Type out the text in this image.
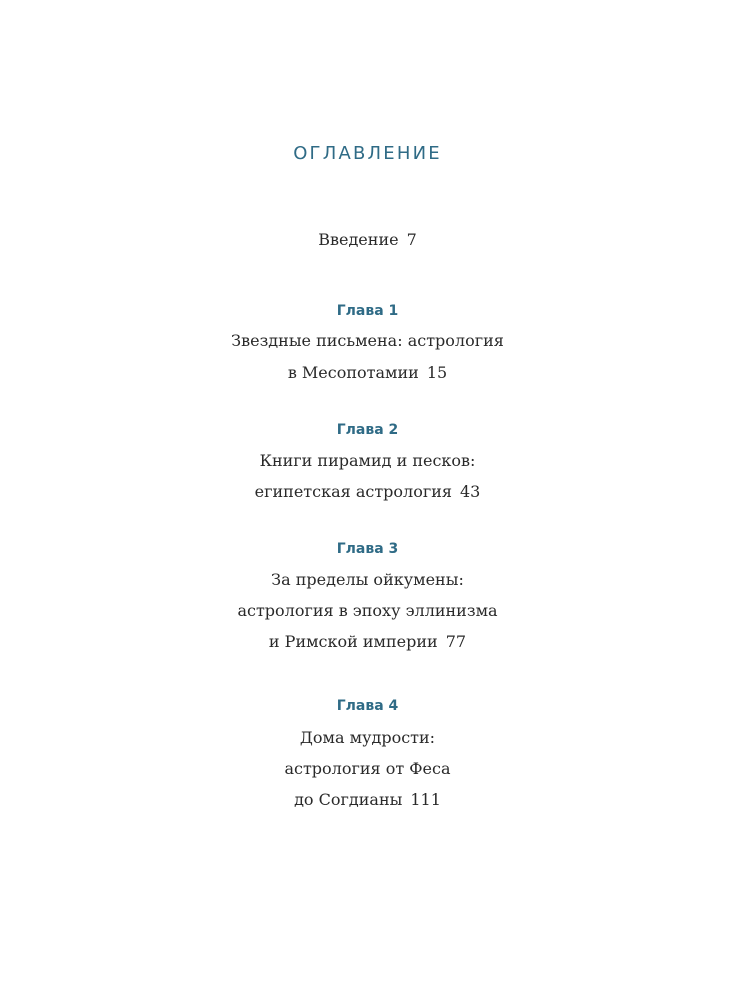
ОГЛАВЛЕНИЕ
Введение 7
Глава 1
Звездные письмена: астрология
в Месопотамии 15
Глава 2
Книги пирамид и песков:
египетская астрология 43
Глава 3
За пределы ойкумены:
астрология в эпоху эллинизма
и Римской империи 77
Глава 4
Дома мудрости:
астрология от Феса
до Согдианы 111
